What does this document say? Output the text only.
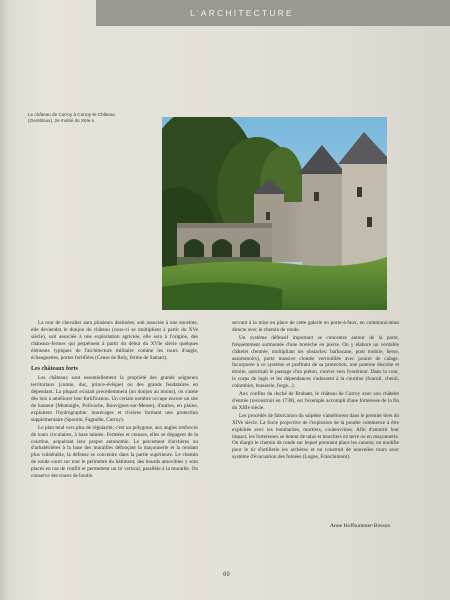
L'ARCHITECTURE
Le château de Corroy à Corroy-le-Château
(Gembloux), 2e moitié du XIIIe s.

La tour de chevalier aura plusieurs destinées: soit associée à une enceinte, elle deviendra le donjon du château (ceux-ci se multiplient à partir du XVe siècle), soit associée à une exploitation agricole, elle sera à l'origine, des châteaux-fermes qui perpétuent à partir du début du XVIe siècle quelques éléments typiques de l'architecture militaire comme les tours d'angle, échauguettes, portes fortifiées (Cense de Roly, ferme de Samart).

Les châteaux forts

Les châteaux sont essentiellement la propriété des grands seigneurs territoriaux (comte, duc, prince-évêque) ou des grands feudataires en dépendant. La plupart existait précédemment (un donjon au moins), on s'atele dès lors à améliorer leur fortification. Un certain nombre occupe encore un site de hauteur (Montaigle, Poilvache, Bouvignes-sur-Meuse), d'autres, en plaine, exploitent l'hydrographie: marécages et rivières formant une protection supplémentaire (Spontin, Fagnolle, Corroy).

Le plan tend vers plus de régularité; c'est un polygone, aux angles renforcés de tours circulaires, à base talutée. Fermées et creuses, elles se dégagent de la courtine, acquérant leur propre autonomie. Le percement d'archères ou d'arbalétrières à la base des murailles défonçant la maçonnerie et la rendant plus vulnérable, la défense se concentre dans la partie supérieure. Le chemin de ronde court sur tout le périmètre du bâtiment; des hourds amovibles y sont placés en cas de conflit et permettent un tir vertical, parallèle à la muraille. On conserve des traces de boulin

servant à la mise en place de cette galerie en porte-à-faux, en communication directe avec le chemin de ronde.

Un système défensif important se concentre autour de la porte, fréquemment surmontée d'une bretèche en pierre. On y élabore un véritable châtelet d'entrée, multipliant les obstacles: barbacane, pont mobile, herse, assommoirs), porte massive cloutée verrouillée avec poutre de calage. Incorporée à ce système et profitant de sa protection, une poterne discrète et étroite, autorisait le passage d'un piéton, s'ouvre vers l'extérieur. Dans la cour, le corps de logis et les dépendances s'adossent à la courtine (fournil, cheuil, colombier, brasserie, forge...).

Aux confins du duché de Brabant, le château de Corroy avec son châtelet d'entrée (reconstruit en 1738), est l'exemple accompli d'une forteresse de la fin du XIIIe siècle.

Les procédés de fabrication du salpêtre s'améliorent dans le premier tiers du XIVe siècle. La force projective de l'explosion de la poudre commence à être exploitée avec les bombardes, mortiers, couleuvrines. Afin d'amortir leur impact, les forteresses se dotent de talus et boucliers en terre ou en maçonnerie. On élargit le chemin de ronde sur lequel prennent place les canons; on modifie pour le tir d'artillerie les archères et on construit de nouvelles tours avec système d'évacuation des fumées (Logne, Franchimont).

Anne Hoffsummer-Bosson
69
